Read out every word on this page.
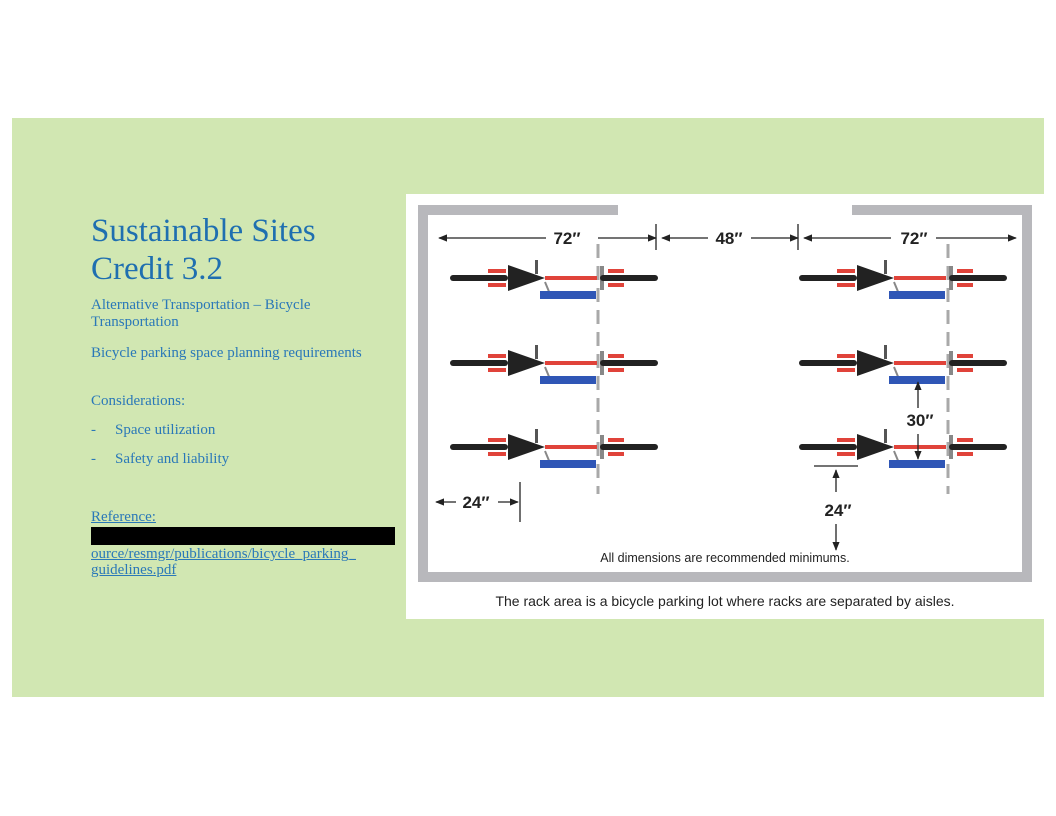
Sustainable Sites
Credit 3.2
Alternative Transportation – Bicycle Transportation
Bicycle parking space planning requirements
Considerations:
- Space utilization
- Safety and liability
Reference:
ource/resmgr/publications/bicycle_parking_
guidelines.pdf
72″	48″	72″
30″
24″	24″
All dimensions are recommended minimums.
The rack area is a bicycle parking lot where racks are separated by aisles.
